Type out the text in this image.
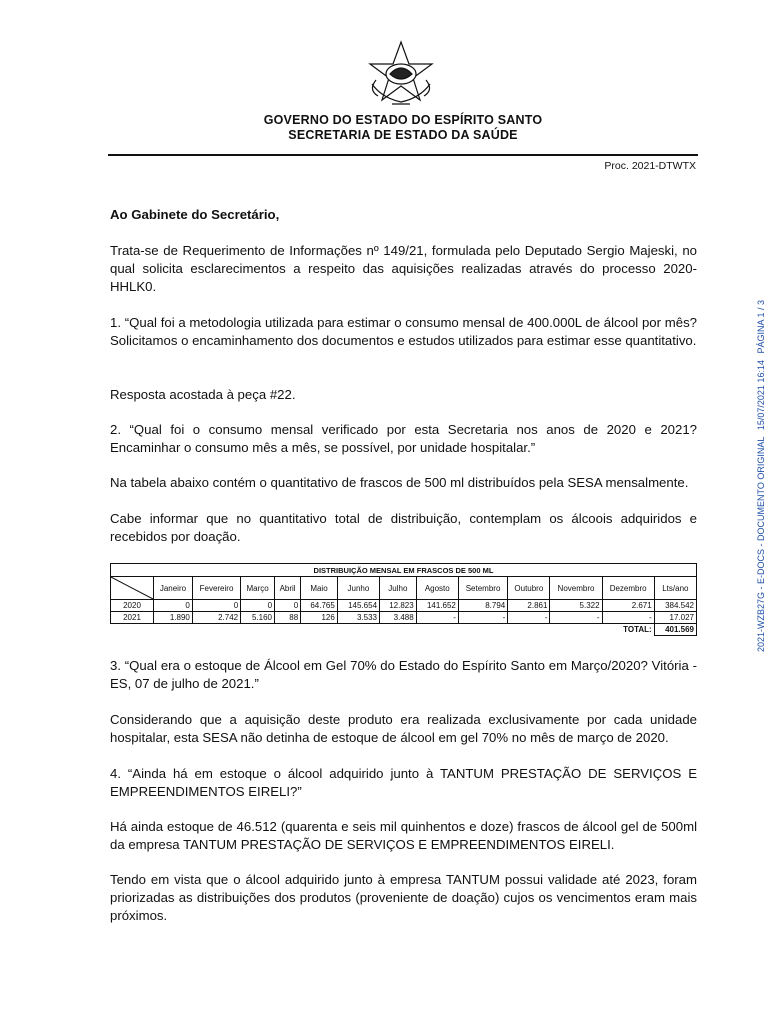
GOVERNO DO ESTADO DO ESPÍRITO SANTO
SECRETARIA DE ESTADO DA SAÚDE
Proc. 2021-DTWTX
Ao Gabinete do Secretário,
Trata-se de Requerimento de Informações nº 149/21, formulada pelo Deputado Sergio Majeski, no qual solicita esclarecimentos a respeito das aquisições realizadas através do processo 2020-HHLK0.
1. “Qual foi a metodologia utilizada para estimar o consumo mensal de 400.000L de álcool por mês? Solicitamos o encaminhamento dos documentos e estudos utilizados para estimar esse quantitativo.
Resposta acostada à peça #22.
2. “Qual foi o consumo mensal verificado por esta Secretaria nos anos de 2020 e 2021? Encaminhar o consumo mês a mês, se possível, por unidade hospitalar.”
Na tabela abaixo contém o quantitativo de frascos de 500 ml distribuídos pela SESA mensalmente.
Cabe informar que no quantitativo total de distribuição, contemplam os álcoois adquiridos e recebidos por doação.
DISTRIBUIÇÃO MENSAL EM FRASCOS DE 500 ML													

	Janeiro	Fevereiro	Março	Abril	Maio	Junho	Julho	Agosto	Setembro	Outubro	Novembro	Dezembro	Lts/ano
2020	0	0	0	0	64.765	145.654	12.823	141.652	8.794	2.861	5.322	2.671	384.542
2021	1.890	2.742	5.160	88	126	3.533	3.488	-	-	-	-	-	17.027
TOTAL:													401.569
3. “Qual era o estoque de Álcool em Gel 70% do Estado do Espírito Santo em Março/2020? Vitória - ES, 07 de julho de 2021.”
Considerando que a aquisição deste produto era realizada exclusivamente por cada unidade hospitalar, esta SESA não detinha de estoque de álcool em gel 70% no mês de março de 2020.
4. “Ainda há em estoque o álcool adquirido junto à TANTUM PRESTAÇÃO DE SERVIÇOS E EMPREENDIMENTOS EIRELI?”
Há ainda estoque de 46.512 (quarenta e seis mil quinhentos e doze) frascos de álcool gel de 500ml da empresa TANTUM PRESTAÇÃO DE SERVIÇOS E EMPREENDIMENTOS EIRELI.
Tendo em vista que o álcool adquirido junto à empresa TANTUM possui validade até 2023, foram priorizadas as distribuições dos produtos (proveniente de doação) cujos os vencimentos eram mais próximos.
2021-WZB27G - E-DOCS - DOCUMENTO ORIGINAL 15/07/2021 16:14 PÁGINA 1 / 3
